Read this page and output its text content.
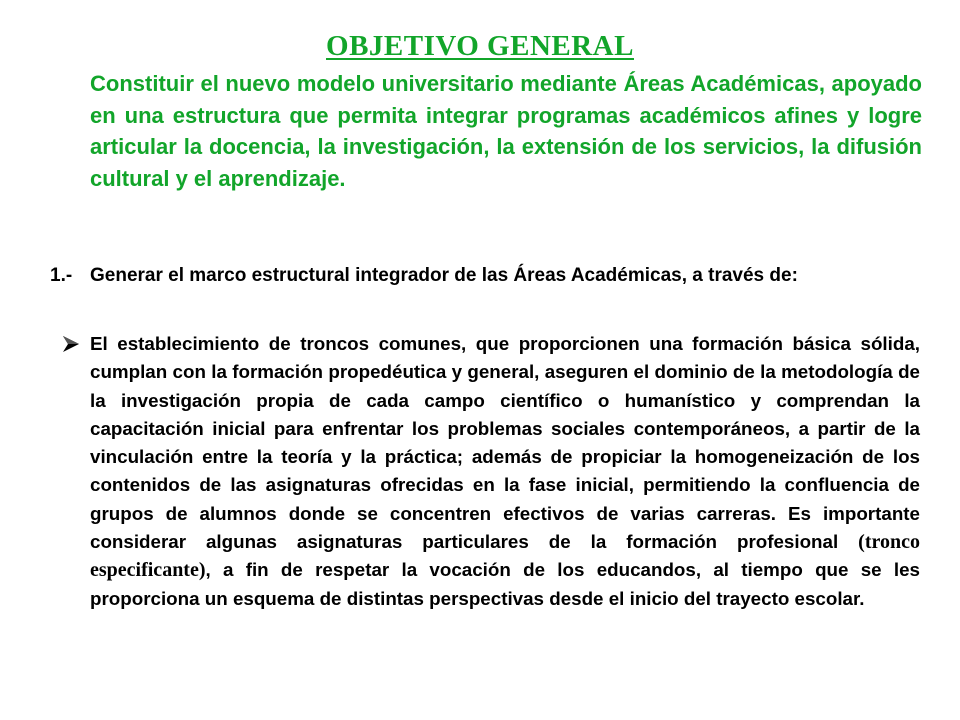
OBJETIVO GENERAL

Constituir el nuevo modelo universitario mediante Áreas Académicas, apoyado en una estructura que permita integrar programas académicos afines y logre articular la docencia, la investigación, la extensión de los servicios, la difusión cultural y el aprendizaje.

1.- Generar el marco estructural integrador de las Áreas Académicas, a través de:

El establecimiento de troncos comunes, que proporcionen una formación básica sólida, cumplan con la formación propedéutica y general, aseguren el dominio de la metodología de la investigación propia de cada campo científico o humanístico y comprendan la capacitación inicial para enfrentar los problemas sociales contemporáneos, a partir de la vinculación entre la teoría y la práctica; además de propiciar la homogeneización de los contenidos de las asignaturas ofrecidas en la fase inicial, permitiendo la confluencia de grupos de alumnos donde se concentren efectivos de varias carreras. Es importante considerar algunas asignaturas particulares de la formación profesional (tronco especificante), a fin de respetar la vocación de los educandos, al tiempo que se les proporciona un esquema de distintas perspectivas desde el inicio del trayecto escolar.
